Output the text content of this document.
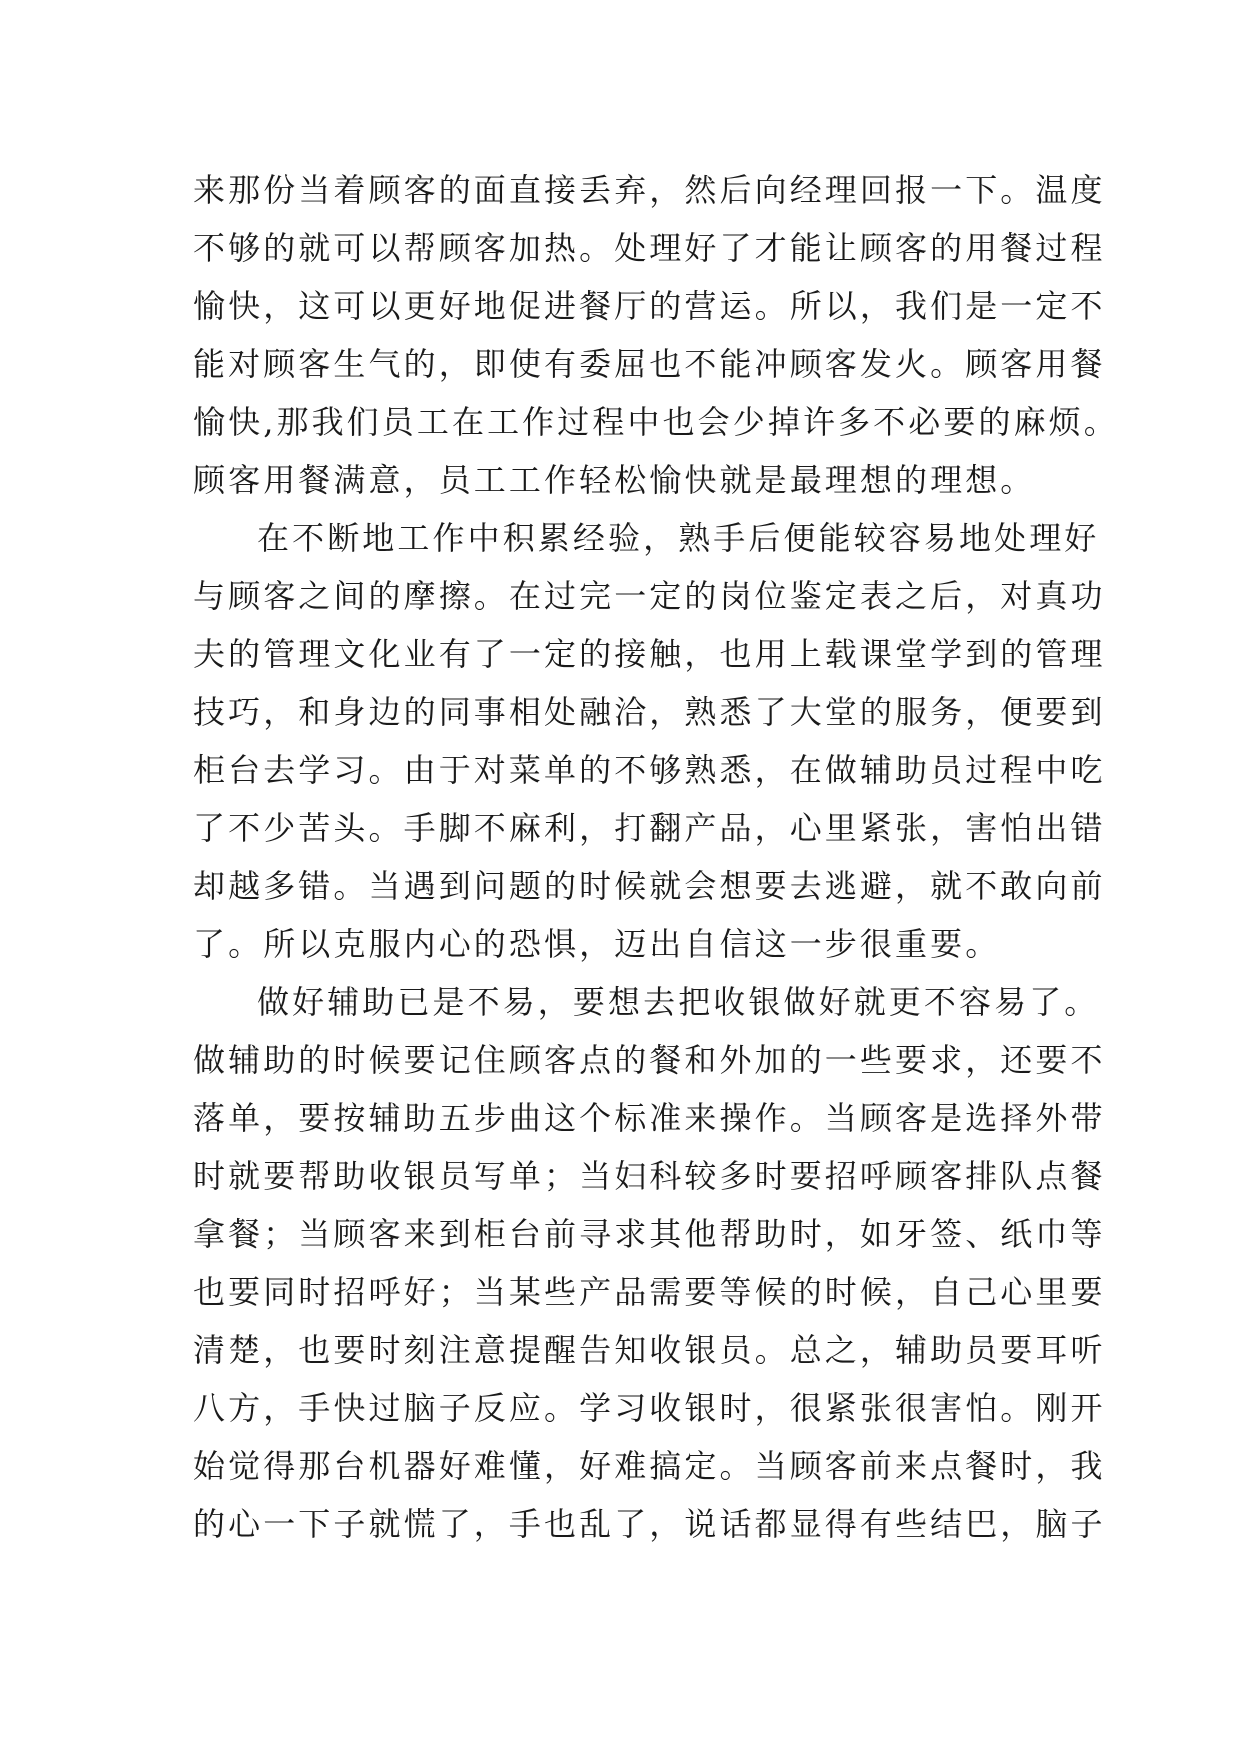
来那份当着顾客的面直接丢弃，然后向经理回报一下。温度
不够的就可以帮顾客加热。处理好了才能让顾客的用餐过程
愉快，这可以更好地促进餐厅的营运。所以，我们是一定不
能对顾客生气的，即使有委屈也不能冲顾客发火。顾客用餐
愉快,那我们员工在工作过程中也会少掉许多不必要的麻烦。
顾客用餐满意，员工工作轻松愉快就是最理想的理想。
在不断地工作中积累经验，熟手后便能较容易地处理好
与顾客之间的摩擦。在过完一定的岗位鉴定表之后，对真功
夫的管理文化业有了一定的接触，也用上载课堂学到的管理
技巧，和身边的同事相处融洽，熟悉了大堂的服务，便要到
柜台去学习。由于对菜单的不够熟悉，在做辅助员过程中吃
了不少苦头。手脚不麻利，打翻产品，心里紧张，害怕出错
却越多错。当遇到问题的时候就会想要去逃避，就不敢向前
了。所以克服内心的恐惧，迈出自信这一步很重要。
做好辅助已是不易，要想去把收银做好就更不容易了。
做辅助的时候要记住顾客点的餐和外加的一些要求，还要不
落单，要按辅助五步曲这个标准来操作。当顾客是选择外带
时就要帮助收银员写单；当妇科较多时要招呼顾客排队点餐
拿餐；当顾客来到柜台前寻求其他帮助时，如牙签、纸巾等
也要同时招呼好；当某些产品需要等候的时候，自己心里要
清楚，也要时刻注意提醒告知收银员。总之，辅助员要耳听
八方，手快过脑子反应。学习收银时，很紧张很害怕。刚开
始觉得那台机器好难懂，好难搞定。当顾客前来点餐时，我
的心一下子就慌了，手也乱了，说话都显得有些结巴，脑子
